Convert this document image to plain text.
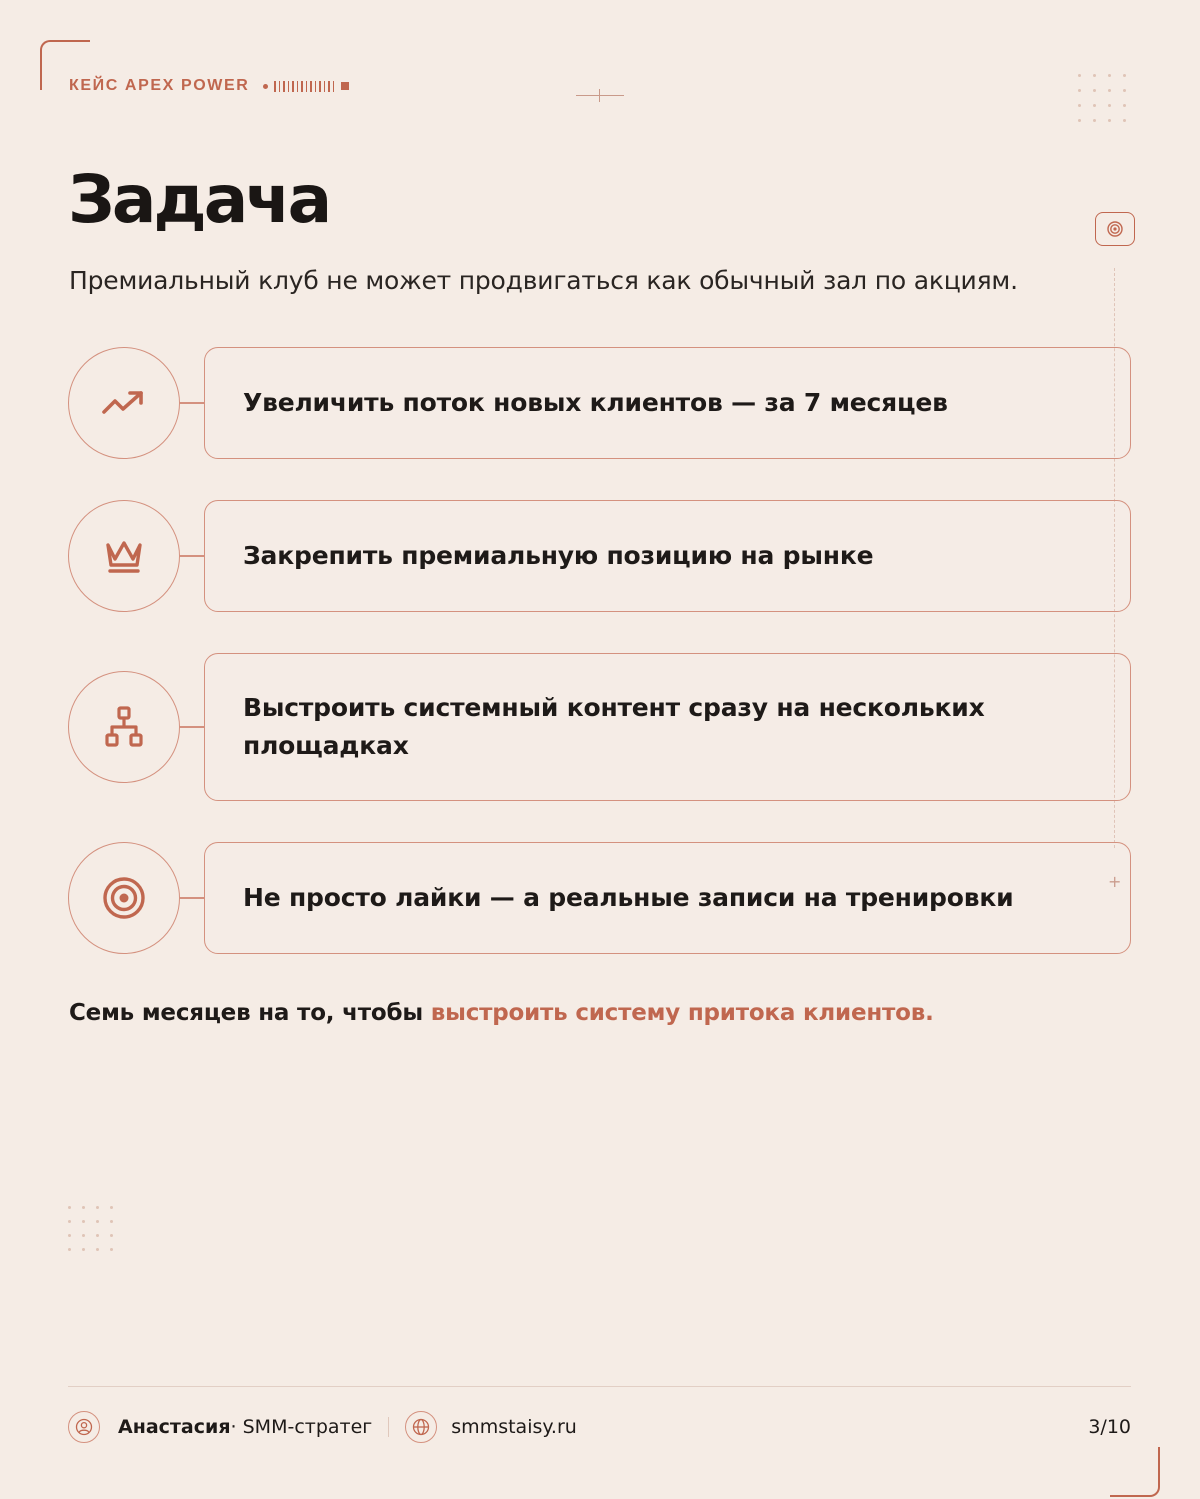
КЕЙС APEX POWER
Задача

Премиальный клуб не может продвигаться как обычный зал по акциям.

+
Увеличить поток новых клиентов — за 7 месяцев
Закрепить премиальную позицию на рынке
Выстроить системный контент сразу на нескольких
площадках
Не просто лайки — а реальные записи на тренировки

Семь месяцев на то, чтобы выстроить систему притока клиентов.

Анастасия · SMM-стратег	smmstaisy.ru	3/10
